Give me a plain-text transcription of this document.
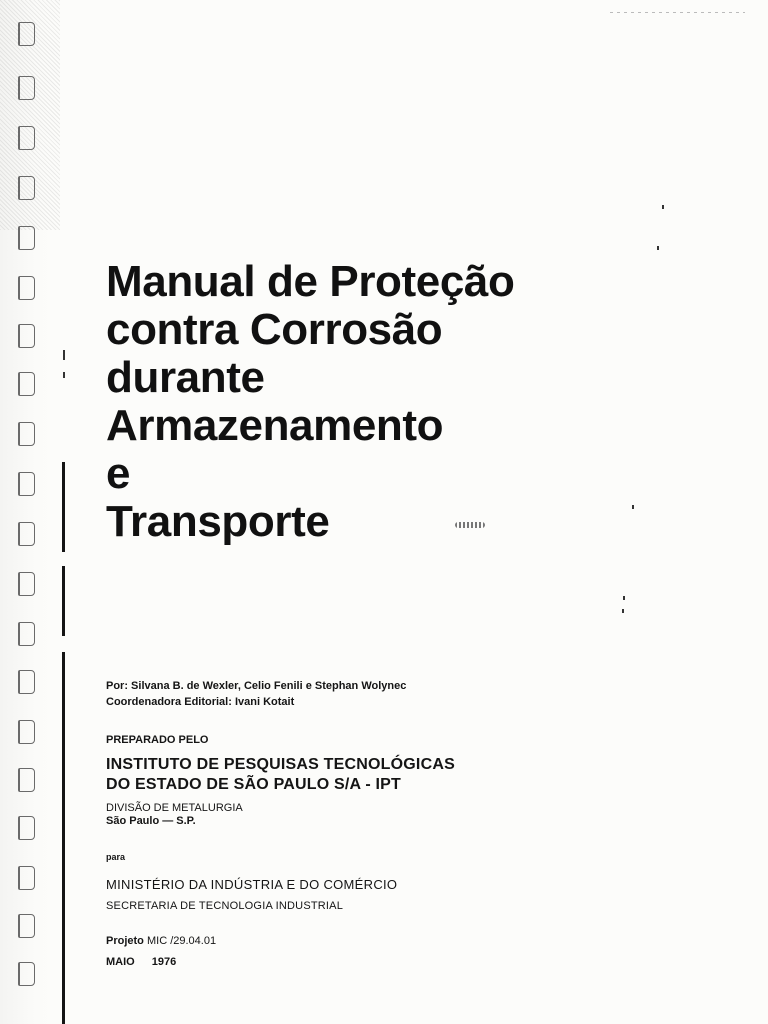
Manual de Proteção
contra Corrosão
durante
Armazenamento
e
Transporte
Por: Silvana B. de Wexler, Celio Fenili e Stephan Wolynec
Coordenadora Editorial: Ivani Kotait
PREPARADO PELO
INSTITUTO DE PESQUISAS TECNOLÓGICAS
DO ESTADO DE SÃO PAULO S/A - IPT
DIVISÃO DE METALURGIA
São Paulo — S.P.
para
MINISTÉRIO DA INDÚSTRIA E DO COMÉRCIO
SECRETARIA DE TECNOLOGIA INDUSTRIAL
Projeto MIC /29.04.01
MAIO 1976
